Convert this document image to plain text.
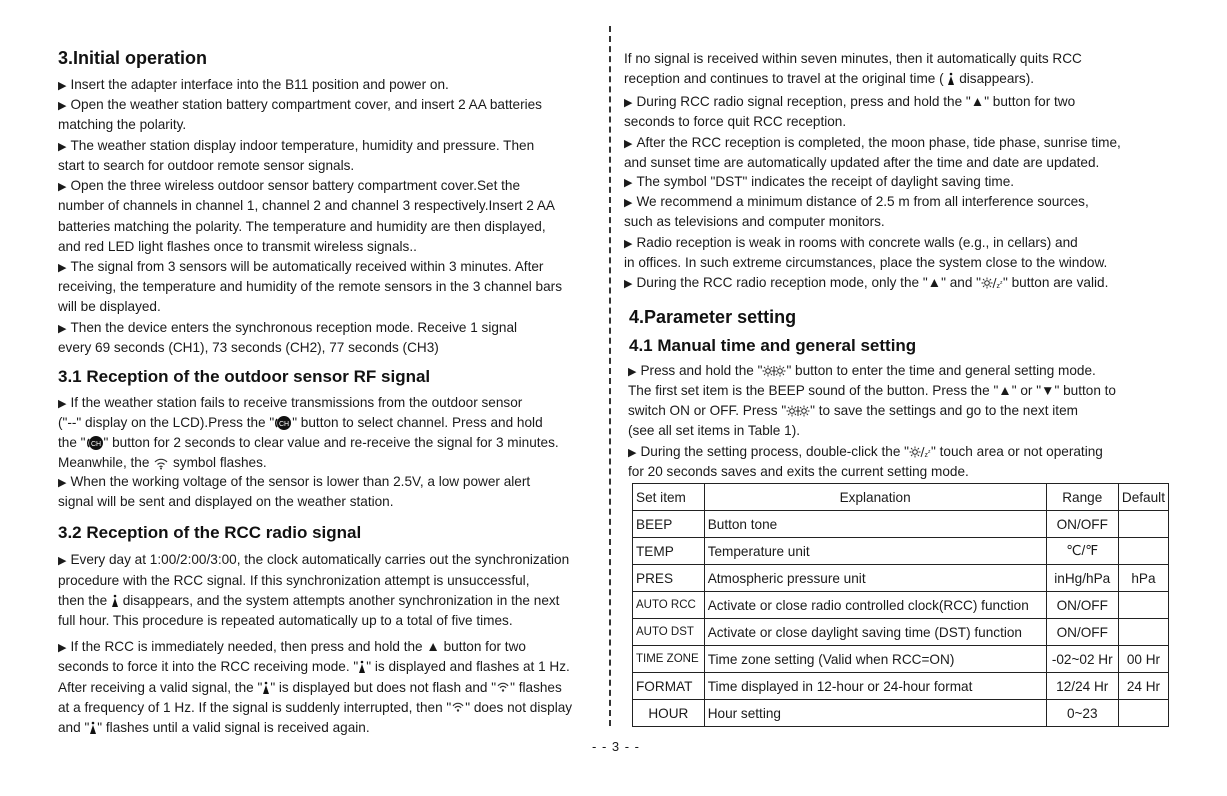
3.Initial operation
▶ Insert the adapter interface into the B11 position and power on.
▶ Open the weather station battery compartment cover, and insert 2 AA batteries
matching the polarity.
▶ The weather station display indoor temperature, humidity and pressure. Then
start to search for outdoor remote sensor signals.
▶ Open the three wireless outdoor sensor battery compartment cover.Set the
number of channels in channel 1, channel 2 and channel 3 respectively.Insert 2 AA
batteries matching the polarity. The temperature and humidity are then displayed,
and red LED light flashes once to transmit wireless signals..
▶ The signal from 3 sensors will be automatically received within 3 minutes. After
receiving, the temperature and humidity of the remote sensors in the 3 channel bars
will be displayed.
▶ Then the device enters the synchronous reception mode. Receive 1 signal
every 69 seconds (CH1), 73 seconds (CH2), 77 seconds (CH3)
3.1 Reception of the outdoor sensor RF signal
▶ If the weather station fails to receive transmissions from the outdoor sensor
("--" display on the LCD).Press the " CH " button to select channel. Press and hold
the " CH " button for 2 seconds to clear value and re-receive the signal for 3 minutes.
Meanwhile, the symbol flashes.
▶ When the working voltage of the sensor is lower than 2.5V, a low power alert
signal will be sent and displayed on the weather station.
3.2 Reception of the RCC radio signal
▶ Every day at 1:00/2:00/3:00, the clock automatically carries out the synchronization
procedure with the RCC signal. If this synchronization attempt is unsuccessful,
then the disappears, and the system attempts another synchronization in the next
full hour. This procedure is repeated automatically up to a total of five times.
▶ If the RCC is immediately needed, then press and hold the ▲ button for two
seconds to force it into the RCC receiving mode. " " is displayed and flashes at 1 Hz.
After receiving a valid signal, the " " is displayed but does not flash and " " flashes
at a frequency of 1 Hz. If the signal is suddenly interrupted, then " " does not display
and " " flashes until a valid signal is received again.
If no signal is received within seven minutes, then it automatically quits RCC
reception and continues to travel at the original time ( disappears).
▶ During RCC radio signal reception, press and hold the "▲" button for two
seconds to force quit RCC reception.
▶ After the RCC reception is completed, the moon phase, tide phase, sunrise time,
and sunset time are automatically updated after the time and date are updated.
▶ The symbol "DST" indicates the receipt of daylight saving time.
▶ We recommend a minimum distance of 2.5 m from all interference sources,
such as televisions and computer monitors.
▶ Radio reception is weak in rooms with concrete walls (e.g., in cellars) and
in offices. In such extreme circumstances, place the system close to the window.
▶ During the RCC radio reception mode, only the "▲" and " z z " button are valid.
4.Parameter setting
4.1 Manual time and general setting
▶ Press and hold the " " button to enter the time and general setting mode.
The first set item is the BEEP sound of the button. Press the "▲" or "▼" button to
switch ON or OFF. Press " " to save the settings and go to the next item
(see all set items in Table 1).
▶ During the setting process, double-click the " z z " touch area or not operating
for 20 seconds saves and exits the current setting mode.
Set item	Explanation	Range	Default
BEEP	Button tone	ON/OFF	
TEMP	Temperature unit	℃/℉	
PRES	Atmospheric pressure unit	inHg/hPa	hPa
AUTO RCC	Activate or close radio controlled clock(RCC) function	ON/OFF	
AUTO DST	Activate or close daylight saving time (DST) function	ON/OFF	
TIME ZONE	Time zone setting (Valid when RCC=ON)	-02~02 Hr	00 Hr
FORMAT	Time displayed in 12-hour or 24-hour format	12/24 Hr	24 Hr
HOUR	Hour setting	0~23	
- - 3 - -
